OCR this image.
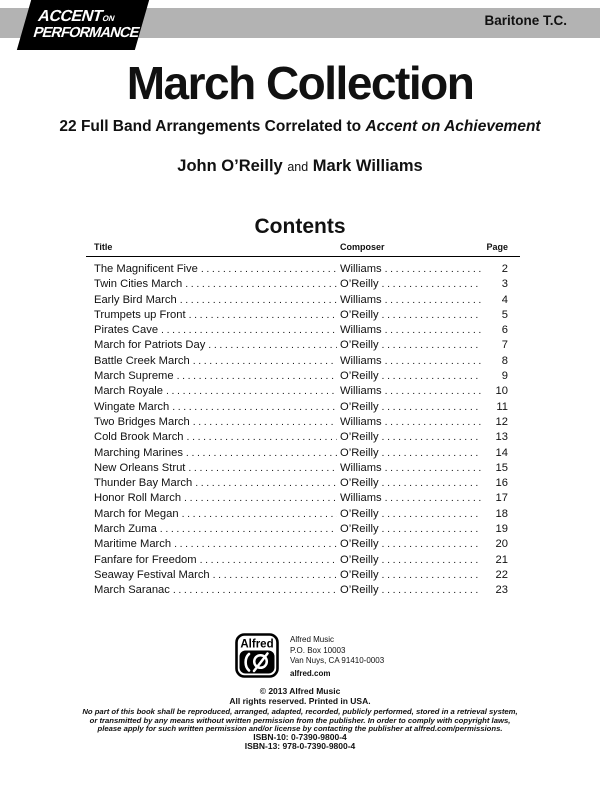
ACCENTON
PERFORMANCE
Baritone T.C.
March Collection
22 Full Band Arrangements Correlated to Accent on Achievement
John O’Reilly and Mark Williams
Contents
Title	Composer	Page
The Magnificent Five .....	Williams .....	2
Twin Cities March .....	O’Reilly .....	3
Early Bird March .....	Williams .....	4
Trumpets up Front .....	O’Reilly .....	5
Pirates Cave .....	Williams .....	6
March for Patriots Day .....	O’Reilly .....	7
Battle Creek March .....	Williams .....	8
March Supreme .....	O’Reilly .....	9
March Royale .....	Williams .....	10
Wingate March .....	O’Reilly .....	11
Two Bridges March .....	Williams .....	12
Cold Brook March .....	O’Reilly .....	13
Marching Marines .....	O’Reilly .....	14
New Orleans Strut .....	Williams .....	15
Thunder Bay March .....	O’Reilly .....	16
Honor Roll March .....	Williams .....	17
March for Megan .....	O’Reilly .....	18
March Zuma .....	O’Reilly .....	19
Maritime March .....	O’Reilly .....	20
Fanfare for Freedom .....	O’Reilly .....	21
Seaway Festival March .....	O’Reilly .....	22
March Saranac .....	O’Reilly .....	23
Alfred Alfred Music
P.O. Box 10003
Van Nuys, CA 91410-0003
alfred.com
© 2013 Alfred Music
All rights reserved. Printed in USA.
No part of this book shall be reproduced, arranged, adapted, recorded, publicly performed, stored in a retrieval system,
or transmitted by any means without written permission from the publisher. In order to comply with copyright laws,
please apply for such written permission and/or license by contacting the publisher at alfred.com/permissions.
ISBN-10: 0-7390-9800-4
ISBN-13: 978-0-7390-9800-4
